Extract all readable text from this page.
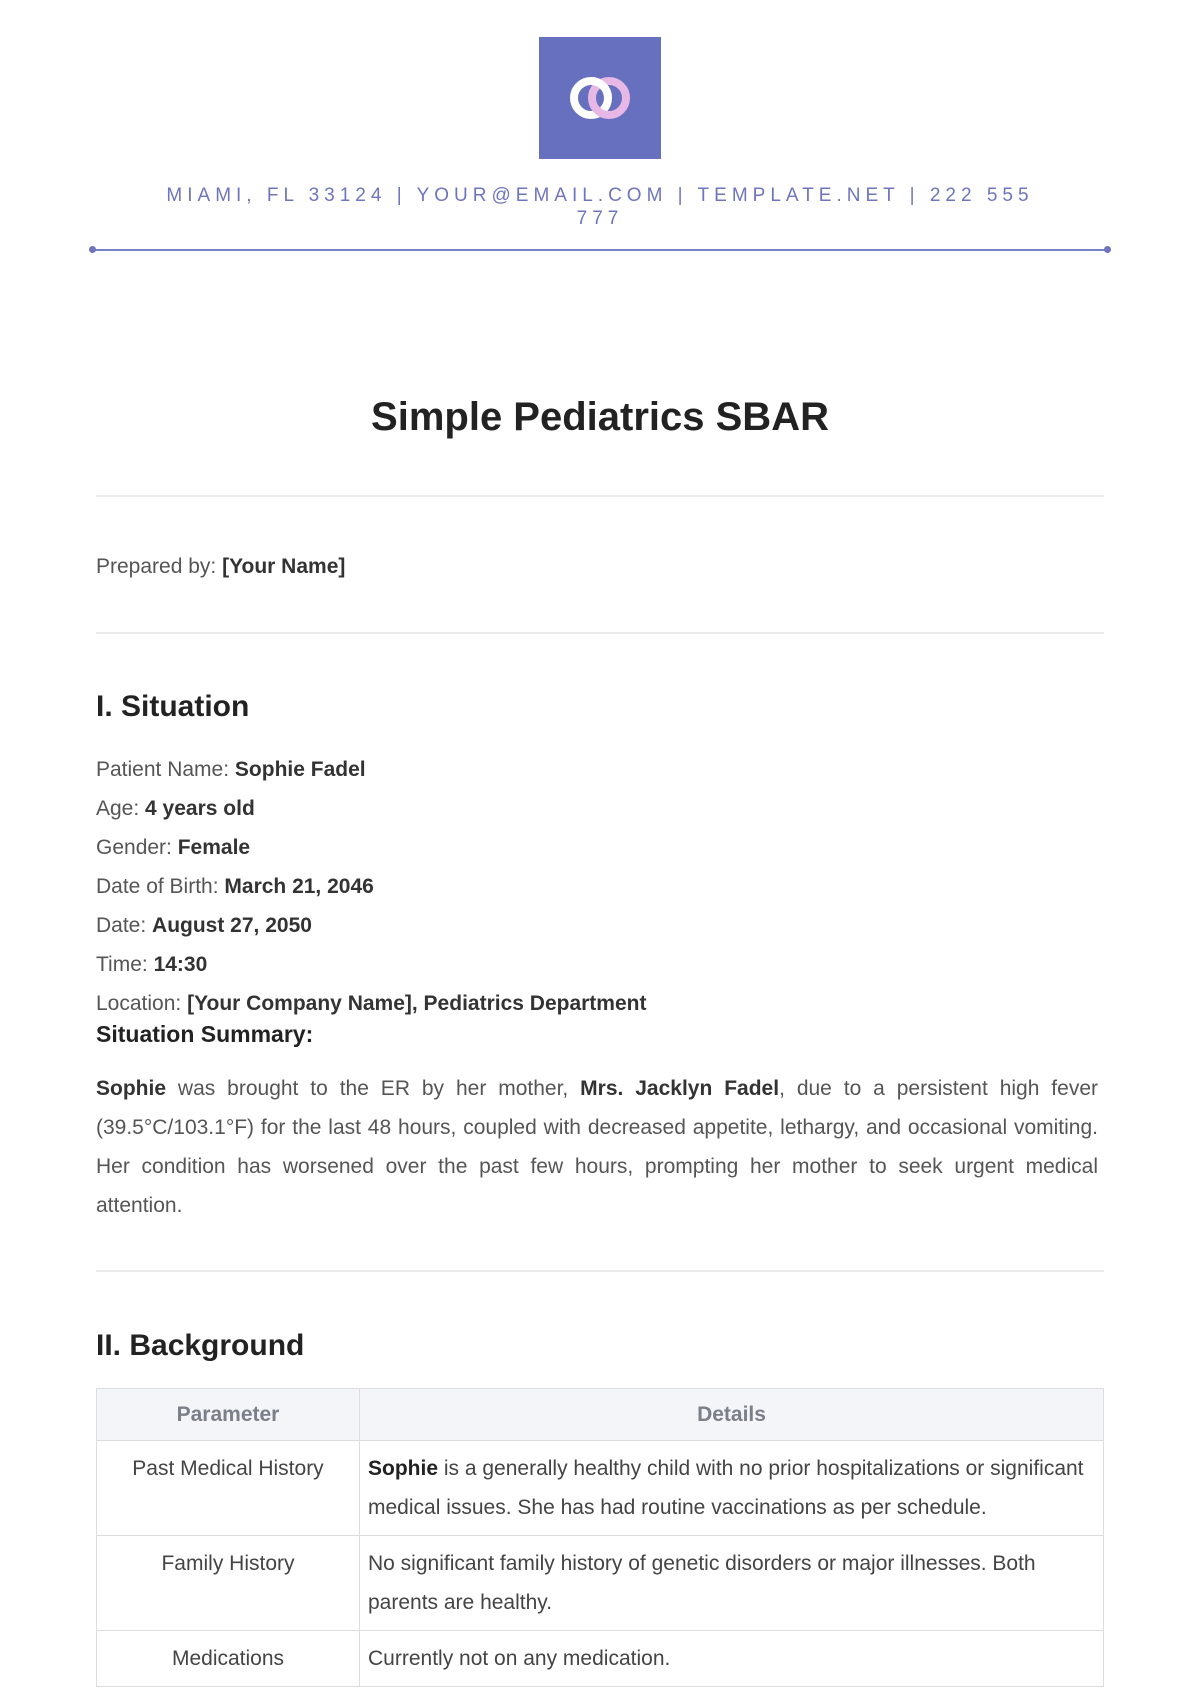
MIAMI, FL 33124 | YOUR@EMAIL.COM | TEMPLATE.NET | 222 555 777
Simple Pediatrics SBAR
Prepared by: [Your Name]
I. Situation
Patient Name: Sophie Fadel
Age: 4 years old
Gender: Female
Date of Birth: March 21, 2046
Date: August 27, 2050
Time: 14:30
Location: [Your Company Name], Pediatrics Department
Situation Summary:

Sophie was brought to the ER by her mother, Mrs. Jacklyn Fadel, due to a persistent high fever (39.5°C/103.1°F) for the last 48 hours, coupled with decreased appetite, lethargy, and occasional vomiting. Her condition has worsened over the past few hours, prompting her mother to seek urgent medical attention.

II. Background
Parameter	Details
Past Medical History	Sophie is a generally healthy child with no prior hospitalizations or significant medical issues. She has had routine vaccinations as per schedule.
Family History	No significant family history of genetic disorders or major illnesses. Both parents are healthy.
Medications	Currently not on any medication.
